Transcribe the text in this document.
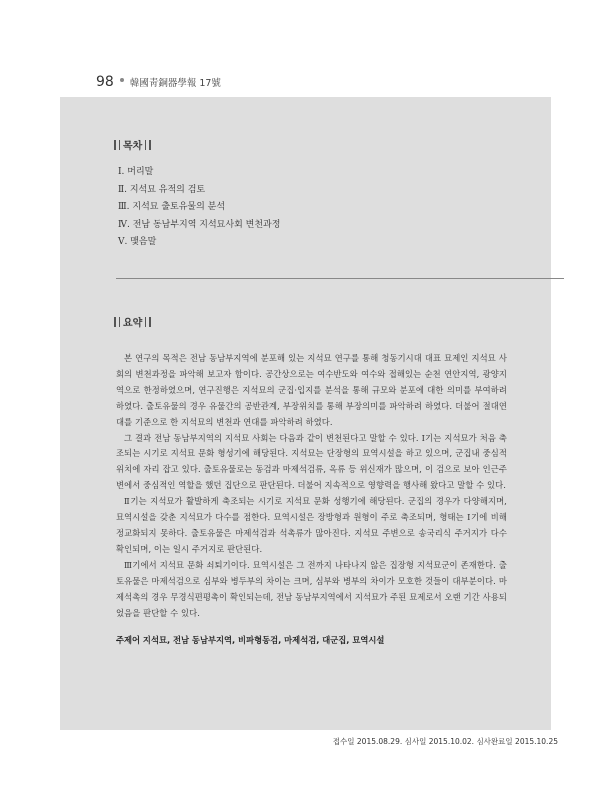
98 韓國靑銅器學報 17號
목차
Ⅰ. 머리말
Ⅱ. 지석묘 유적의 검토
Ⅲ. 지석묘 출토유물의 분석
Ⅳ. 전남 동남부지역 지석묘사회 변천과정
Ⅴ. 맺음말
요약

본 연구의 목적은 전남 동남부지역에 분포해 있는 지석묘 연구를 통해 청동기시대 대표 묘제인 지석묘 사회의 변천과정을 파악해 보고자 함이다. 공간상으로는 여수반도와 여수와 접해있는 순천 연안지역, 광양지역으로 한정하였으며, 연구진행은 지석묘의 군집·입지를 분석을 통해 규모와 분포에 대한 의미를 부여하려 하였다. 출토유물의 경우 유물간의 공반관계, 부장위치를 통해 부장의미를 파악하려 하였다. 더불어 절대연대를 기준으로 한 지석묘의 변천과 연대를 파악하려 하였다.

그 결과 전남 동남부지역의 지석묘 사회는 다음과 같이 변천된다고 말할 수 있다. Ⅰ기는 지석묘가 처음 축조되는 시기로 지석묘 문화 형성기에 해당된다. 지석묘는 단장형의 묘역시설을 하고 있으며, 군집내 중심적 위치에 자리 잡고 있다. 출토유물로는 동검과 마제석검류, 옥류 등 위신재가 많으며, 이 검으로 보아 인근주변에서 중심적인 역할을 했던 집단으로 판단된다. 더불어 지속적으로 영향력을 행사해 왔다고 말할 수 있다.

Ⅱ기는 지석묘가 활발하게 축조되는 시기로 지석묘 문화 성행기에 해당된다. 군집의 경우가 다양해지며, 묘역시설을 갖춘 지석묘가 다수를 점한다. 묘역시설은 장방형과 원형이 주로 축조되며, 형태는 Ⅰ기에 비해 정교화되지 못하다. 출토유물은 마제석검과 석촉류가 많아진다. 지석묘 주변으로 송국리식 주거지가 다수 확인되며, 이는 일시 주거지로 판단된다.

Ⅲ기에서 지석묘 문화 쇠퇴기이다. 묘역시설은 그 전까지 나타나지 않은 집장형 지석묘군이 존재한다. 출토유물은 마제석검으로 심부와 병두부의 차이는 크며, 심부와 병부의 차이가 모호한 것들이 대부분이다. 마제석촉의 경우 무경식편평촉이 확인되는데, 전남 동남부지역에서 지석묘가 주된 묘제로서 오랜 기간 사용되었음을 판단할 수 있다.

주제어 지석묘, 전남 동남부지역, 비파형동검, 마제석검, 대군집, 묘역시설
접수일 2015.08.29. 심사일 2015.10.02. 심사완료일 2015.10.25
